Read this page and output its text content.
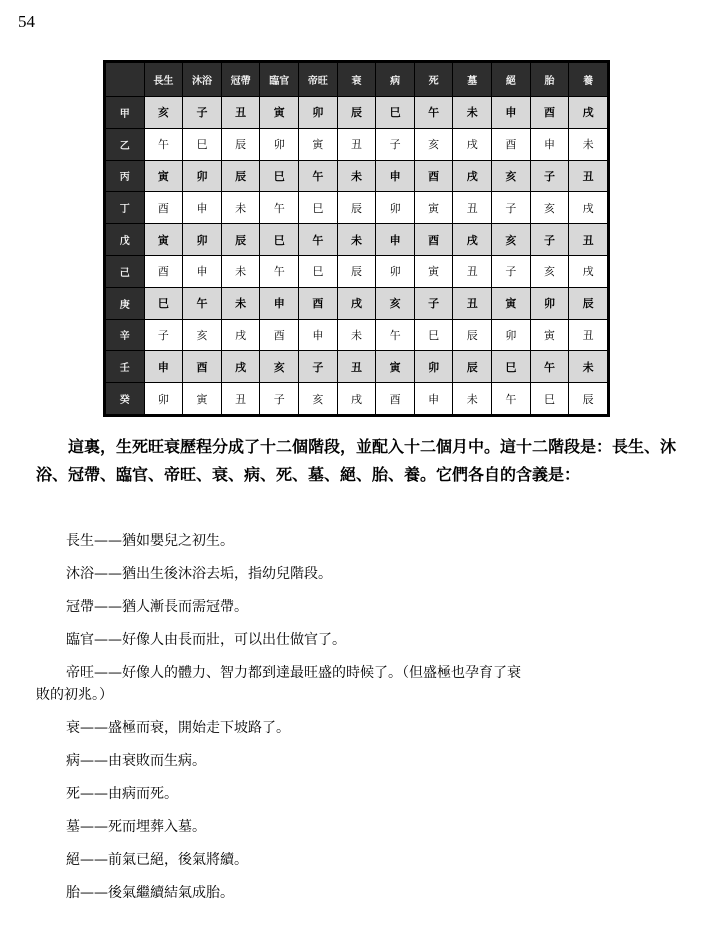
54
	長生	沐浴	冠帶	臨官	帝旺	衰	病	死	墓	絕	胎	養
甲	亥	子	丑	寅	卯	辰	巳	午	未	申	酉	戌
乙	午	巳	辰	卯	寅	丑	子	亥	戌	酉	申	未
丙	寅	卯	辰	巳	午	未	申	酉	戌	亥	子	丑
丁	酉	申	未	午	巳	辰	卯	寅	丑	子	亥	戌
戊	寅	卯	辰	巳	午	未	申	酉	戌	亥	子	丑
己	酉	申	未	午	巳	辰	卯	寅	丑	子	亥	戌
庚	巳	午	未	申	酉	戌	亥	子	丑	寅	卯	辰
辛	子	亥	戌	酉	申	未	午	巳	辰	卯	寅	丑
壬	申	酉	戌	亥	子	丑	寅	卯	辰	巳	午	未
癸	卯	寅	丑	子	亥	戌	酉	申	未	午	巳	辰
這裏，生死旺衰歷程分成了十二個階段，並配入十二個月中。這十二階段是：長生、沐浴、冠帶、臨官、帝旺、衰、病、死、墓、絕、胎、養。它們各自的含義是：
長生——猶如嬰兒之初生。
沐浴——猶出生後沐浴去垢，指幼兒階段。
冠帶——猶人漸長而需冠帶。
臨官——好像人由長而壯，可以出仕做官了。
帝旺——好像人的體力、智力都到達最旺盛的時候了。（但盛極也孕育了衰
敗的初兆。）
衰——盛極而衰，開始走下坡路了。
病——由衰敗而生病。
死——由病而死。
墓——死而埋葬入墓。
絕——前氣已絕，後氣將續。
胎——後氣繼續結氣成胎。
